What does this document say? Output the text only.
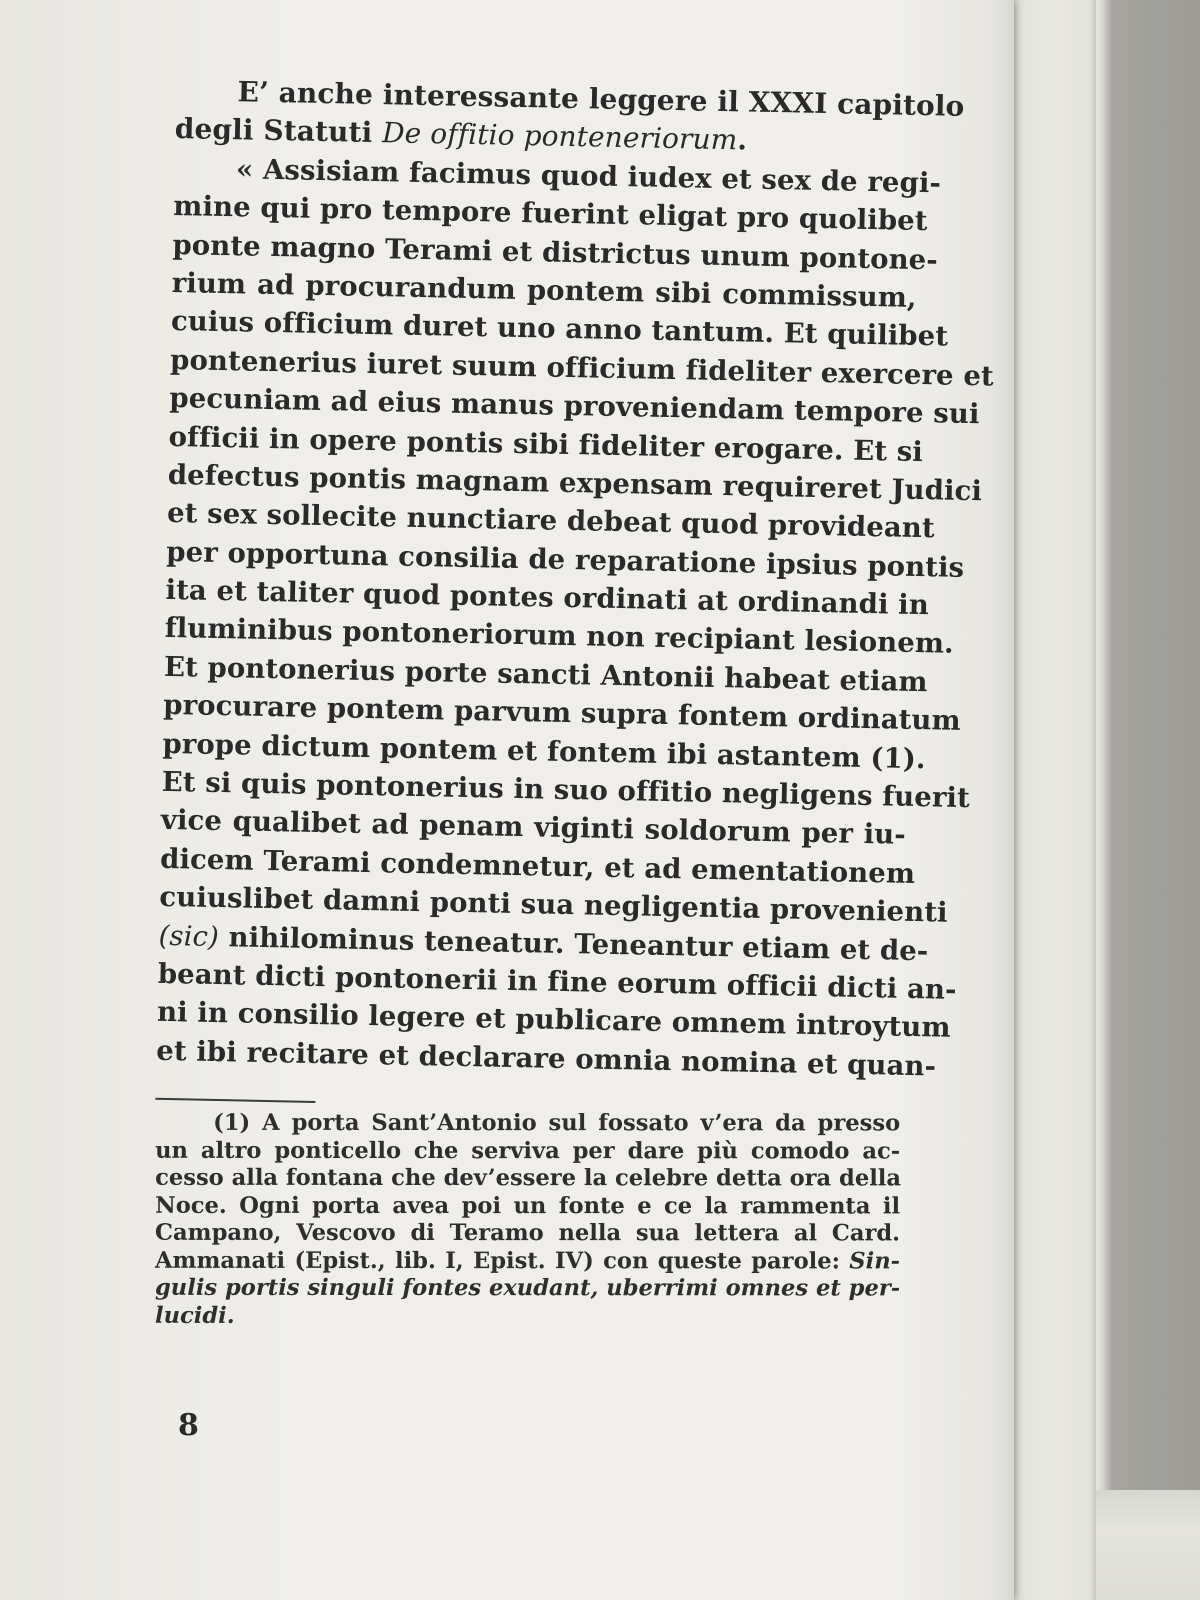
E’ anche interessante leggere il XXXI capitolo
degli Statuti De offitio ponteneriorum.
« Assisiam facimus quod iudex et sex de regi-
mine qui pro tempore fuerint eligat pro quolibet
ponte magno Terami et districtus unum pontone-
rium ad procurandum pontem sibi commissum,
cuius officium duret uno anno tantum. Et quilibet
pontenerius iuret suum officium fideliter exercere et
pecuniam ad eius manus proveniendam tempore sui
officii in opere pontis sibi fideliter erogare. Et si
defectus pontis magnam expensam requireret Judici
et sex sollecite nunctiare debeat quod provideant
per opportuna consilia de reparatione ipsius pontis
ita et taliter quod pontes ordinati at ordinandi in
fluminibus pontoneriorum non recipiant lesionem.
Et pontonerius porte sancti Antonii habeat etiam
procurare pontem parvum supra fontem ordinatum
prope dictum pontem et fontem ibi astantem (1).
Et si quis pontonerius in suo offitio negligens fuerit
vice qualibet ad penam viginti soldorum per iu-
dicem Terami condemnetur, et ad ementationem
cuiuslibet damni ponti sua negligentia provenienti
(sic) nihilominus teneatur. Teneantur etiam et de-
beant dicti pontonerii in fine eorum officii dicti an-
ni in consilio legere et publicare omnem introytum
et ibi recitare et declarare omnia nomina et quan-
(1) A porta Sant’Antonio sul fossato v’era da presso
un altro ponticello che serviva per dare più comodo ac-
cesso alla fontana che dev’essere la celebre detta ora della
Noce. Ogni porta avea poi un fonte e ce la rammenta il
Campano, Vescovo di Teramo nella sua lettera al Card.
Ammanati (Epist., lib. I, Epist. IV) con queste parole: Sin-
gulis portis singuli fontes exudant, uberrimi omnes et per-
lucidi.
8
